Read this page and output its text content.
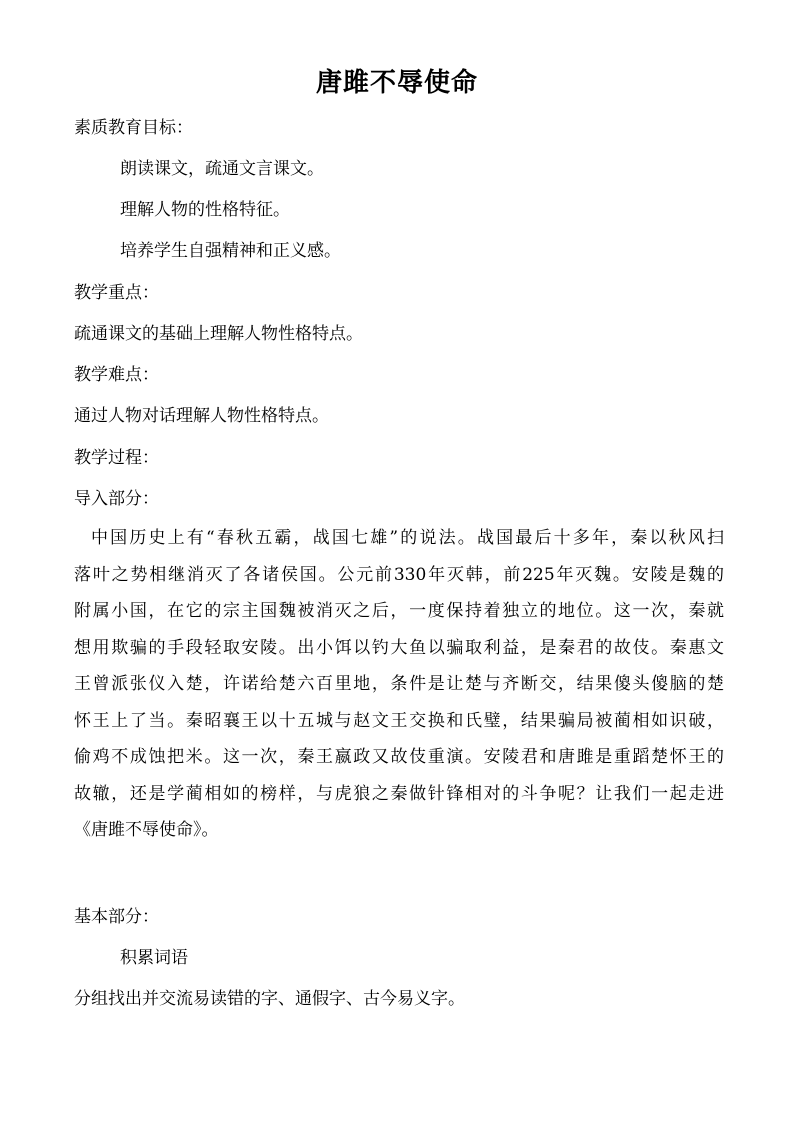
唐雎不辱使命
素质教育目标：
朗读课文，疏通文言课文。
理解人物的性格特征。
培养学生自强精神和正义感。
教学重点：
疏通课文的基础上理解人物性格特点。
教学难点：
通过人物对话理解人物性格特点。
教学过程：
导入部分：
中国历史上有“春秋五霸，战国七雄”的说法。战国最后十多年，秦以秋风扫
落叶之势相继消灭了各诸侯国。公元前330年灭韩，前225年灭魏。安陵是魏的
附属小国，在它的宗主国魏被消灭之后，一度保持着独立的地位。这一次，秦就
想用欺骗的手段轻取安陵。出小饵以钓大鱼以骗取利益，是秦君的故伎。秦惠文
王曾派张仪入楚，许诺给楚六百里地，条件是让楚与齐断交，结果傻头傻脑的楚
怀王上了当。秦昭襄王以十五城与赵文王交换和氏璧，结果骗局被蔺相如识破，
偷鸡不成蚀把米。这一次，秦王嬴政又故伎重演。安陵君和唐雎是重蹈楚怀王的
故辙，还是学蔺相如的榜样，与虎狼之秦做针锋相对的斗争呢？让我们一起走进
《唐雎不辱使命》。
基本部分：
积累词语
分组找出并交流易读错的字、通假字、古今易义字。
